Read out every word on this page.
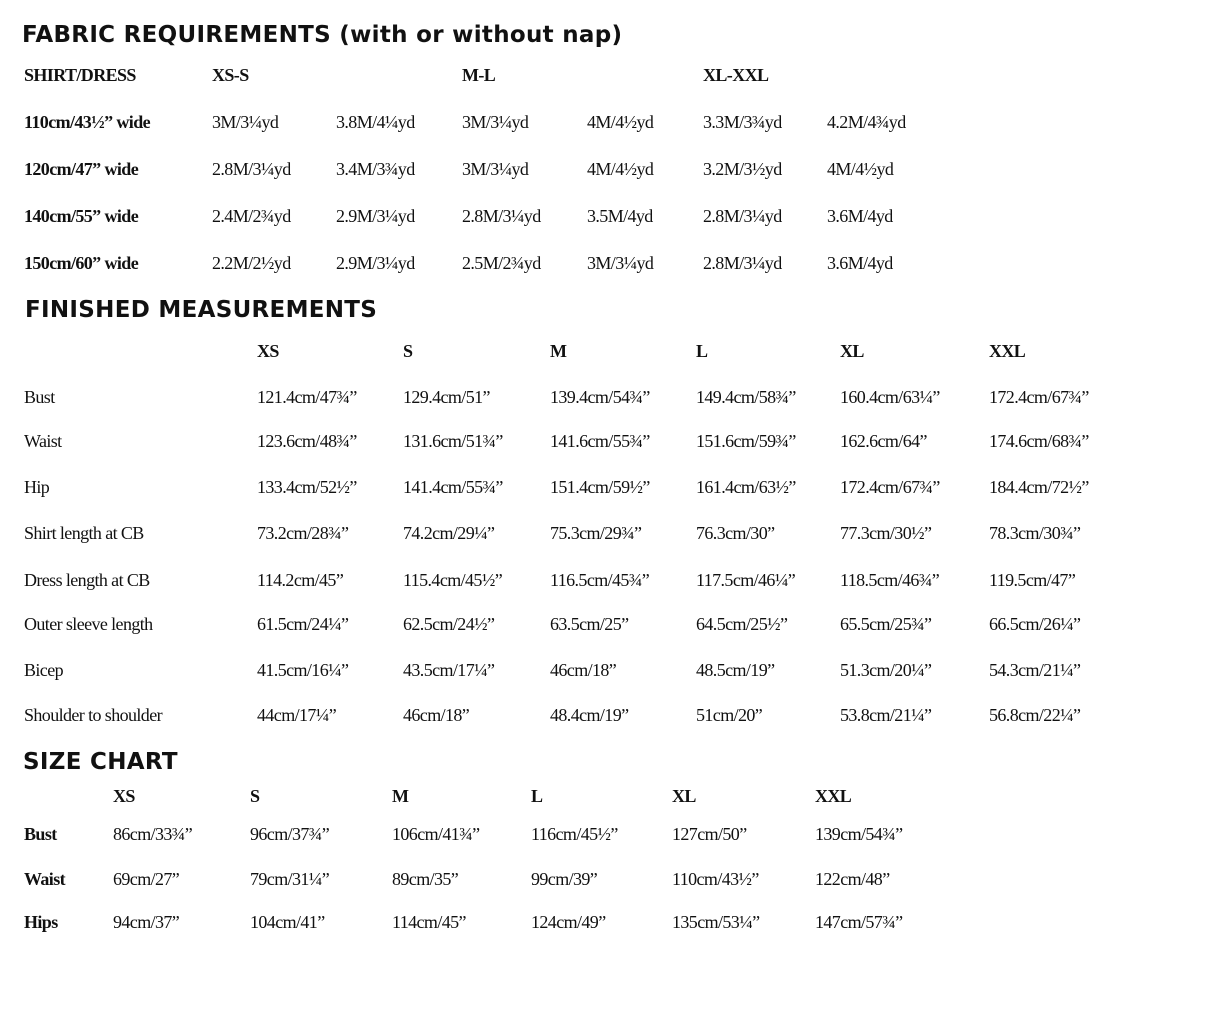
FABRIC REQUIREMENTS (with or without nap)
FINISHED MEASUREMENTS
SIZE CHART
SHIRT/DRESS	XS-S	M-L	XL-XXL
110cm/43½” wide	3M/3¼yd	3.8M/4¼yd	3M/3¼yd	4M/4½yd	3.3M/3¾yd	4.2M/4¾yd
120cm/47” wide	2.8M/3¼yd	3.4M/3¾yd	3M/3¼yd	4M/4½yd	3.2M/3½yd	4M/4½yd
140cm/55” wide	2.4M/2¾yd	2.9M/3¼yd	2.8M/3¼yd	3.5M/4yd	2.8M/3¼yd	3.6M/4yd
150cm/60” wide	2.2M/2½yd	2.9M/3¼yd	2.5M/2¾yd	3M/3¼yd	2.8M/3¼yd	3.6M/4yd
XS	S	M	L	XL	XXL
Bust	121.4cm/47¾”	129.4cm/51”	139.4cm/54¾”	149.4cm/58¾” 160.4cm/63¼”	172.4cm/67¾”
Waist	123.6cm/48¾”	131.6cm/51¾”	141.6cm/55¾”	151.6cm/59¾” 162.6cm/64”	174.6cm/68¾”
Hip	133.4cm/52½”	141.4cm/55¾”	151.4cm/59½”	161.4cm/63½” 172.4cm/67¾”	184.4cm/72½”
Shirt length at CB	73.2cm/28¾”	74.2cm/29¼”	75.3cm/29¾”	76.3cm/30”	77.3cm/30½”	78.3cm/30¾”
Dress length at CB	114.2cm/45”	115.4cm/45½”	116.5cm/45¾”	117.5cm/46¼” 118.5cm/46¾”	119.5cm/47”
Outer sleeve length	61.5cm/24¼”	62.5cm/24½”	63.5cm/25”	64.5cm/25½”	65.5cm/25¾”	66.5cm/26¼”
Bicep	41.5cm/16¼”	43.5cm/17¼”	46cm/18”	48.5cm/19”	51.3cm/20¼”	54.3cm/21¼”
Shoulder to shoulder	44cm/17¼”	46cm/18”	48.4cm/19”	51cm/20”	53.8cm/21¼”	56.8cm/22¼”
XS	S	M	L	XL	XXL
Bust	86cm/33¾”	96cm/37¾”	106cm/41¾”	116cm/45½”	127cm/50”	139cm/54¾”
Waist	69cm/27”	79cm/31¼”	89cm/35”	99cm/39”	110cm/43½”	122cm/48”
Hips	94cm/37”	104cm/41”	114cm/45”	124cm/49”	135cm/53¼”	147cm/57¾”
